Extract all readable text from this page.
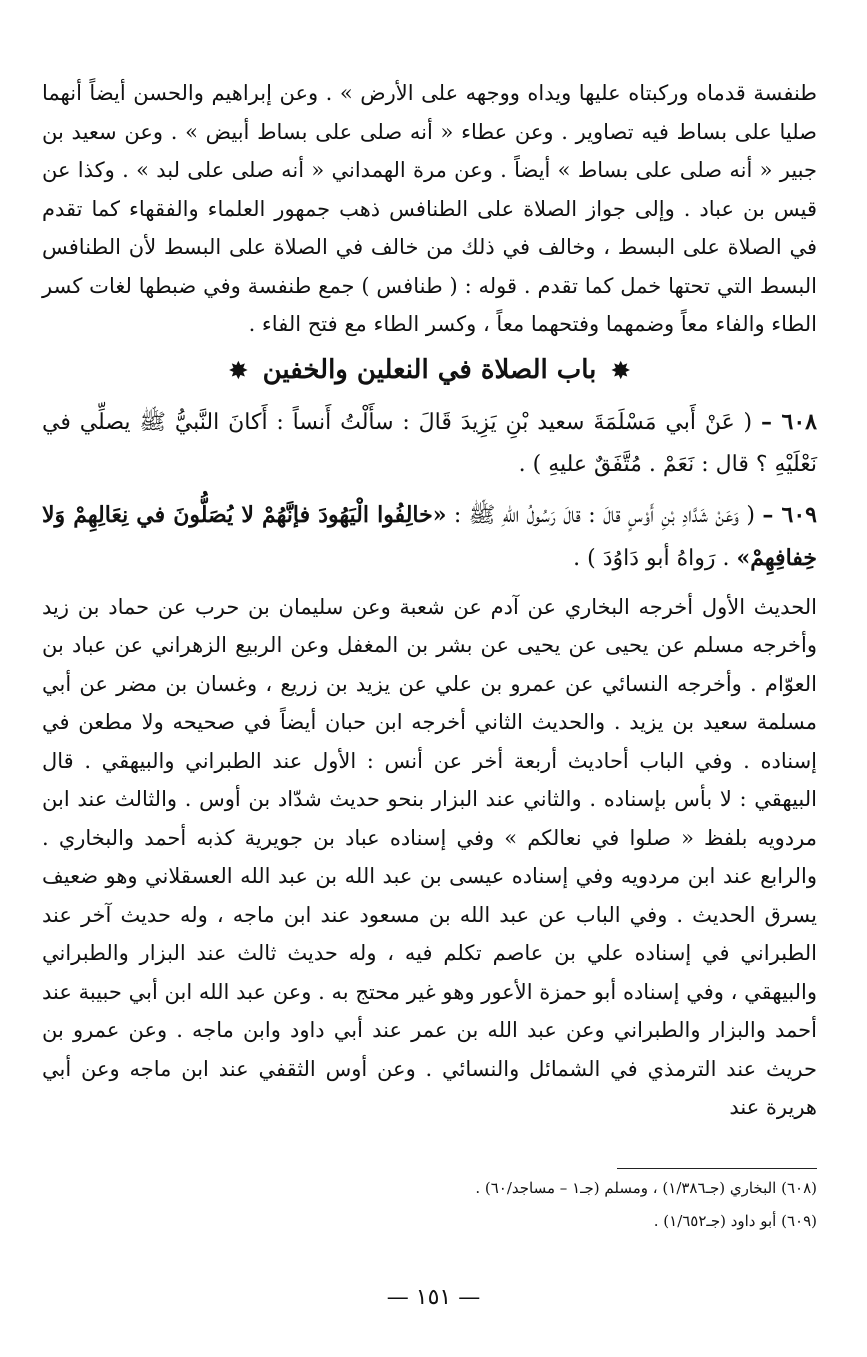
طنفسة قدماه وركبتاه عليها ويداه ووجهه على الأرض » . وعن إبراهيم والحسن أيضاً أنهما صليا على بساط فيه تصاوير . وعن عطاء « أنه صلى على بساط أبيض » . وعن سعيد بن جبير « أنه صلى على بساط » أيضاً . وعن مرة الهمداني « أنه صلى على لبد » . وكذا عن قيس بن عباد . وإلى جواز الصلاة على الطنافس ذهب جمهور العلماء والفقهاء كما تقدم في الصلاة على البسط ، وخالف في ذلك من خالف في الصلاة على البسط لأن الطنافس البسط التي تحتها خمل كما تقدم . قوله : ( طنافس ) جمع طنفسة وفي ضبطها لغات كسر الطاء والفاء معاً وضمهما وفتحهما معاً ، وكسر الطاء مع فتح الفاء .

✸ باب الصلاة في النعلين والخفين ✸

٦٠٨ – ( عَنْ أَبي مَسْلَمَةَ سعيد بْنِ يَزِيدَ قَالَ : سأَلْتُ أَنساً : أَكانَ النَّبيُّ ﷺ يصلِّي في نَعْلَيْهِ ؟ قال : نَعَمْ . مُتَّفَقٌ عليهِ ) .

٦٠٩ – ( وَعَنْ شَدَّادِ بْنِ أَوْسٍ قالَ : قالَ رَسُولُ اللهِ ﷺ : «خالِفُوا الْيَهُودَ فإنَّهُمْ لا يُصَلُّونَ في نِعَالِهِمْ وَلا خِفافِهِمْ» . رَواهُ أبو دَاوُدَ ) .

الحديث الأول أخرجه البخاري عن آدم عن شعبة وعن سليمان بن حرب عن حماد بن زيد وأخرجه مسلم عن يحيى عن يحيى عن بشر بن المغفل وعن الربيع الزهراني عن عباد بن العوّام . وأخرجه النسائي عن عمرو بن علي عن يزيد بن زريع ، وغسان بن مضر عن أبي مسلمة سعيد بن يزيد . والحديث الثاني أخرجه ابن حبان أيضاً في صحيحه ولا مطعن في إسناده . وفي الباب أحاديث أربعة أخر عن أنس : الأول عند الطبراني والبيهقي . قال البيهقي : لا بأس بإسناده . والثاني عند البزار بنحو حديث شدّاد بن أوس . والثالث عند ابن مردويه بلفظ « صلوا في نعالكم » وفي إسناده عباد بن جويرية كذبه أحمد والبخاري . والرابع عند ابن مردويه وفي إسناده عيسى بن عبد الله بن عبد الله العسقلاني وهو ضعيف يسرق الحديث . وفي الباب عن عبد الله بن مسعود عند ابن ماجه ، وله حديث آخر عند الطبراني في إسناده علي بن عاصم تكلم فيه ، وله حديث ثالث عند البزار والطبراني والبيهقي ، وفي إسناده أبو حمزة الأعور وهو غير محتج به . وعن عبد الله ابن أبي حبيبة عند أحمد والبزار والطبراني وعن عبد الله بن عمر عند أبي داود وابن ماجه . وعن عمرو بن حريث عند الترمذي في الشمائل والنسائي . وعن أوس الثقفي عند ابن ماجه وعن أبي هريرة عند

(٦٠٨) البخاري (جـ١/٣٨٦) ، ومسلم (جـ١ – مساجد/٦٠) .

(٦٠٩) أبو داود (جـ١/٦٥٢) .

— ١٥١ —
